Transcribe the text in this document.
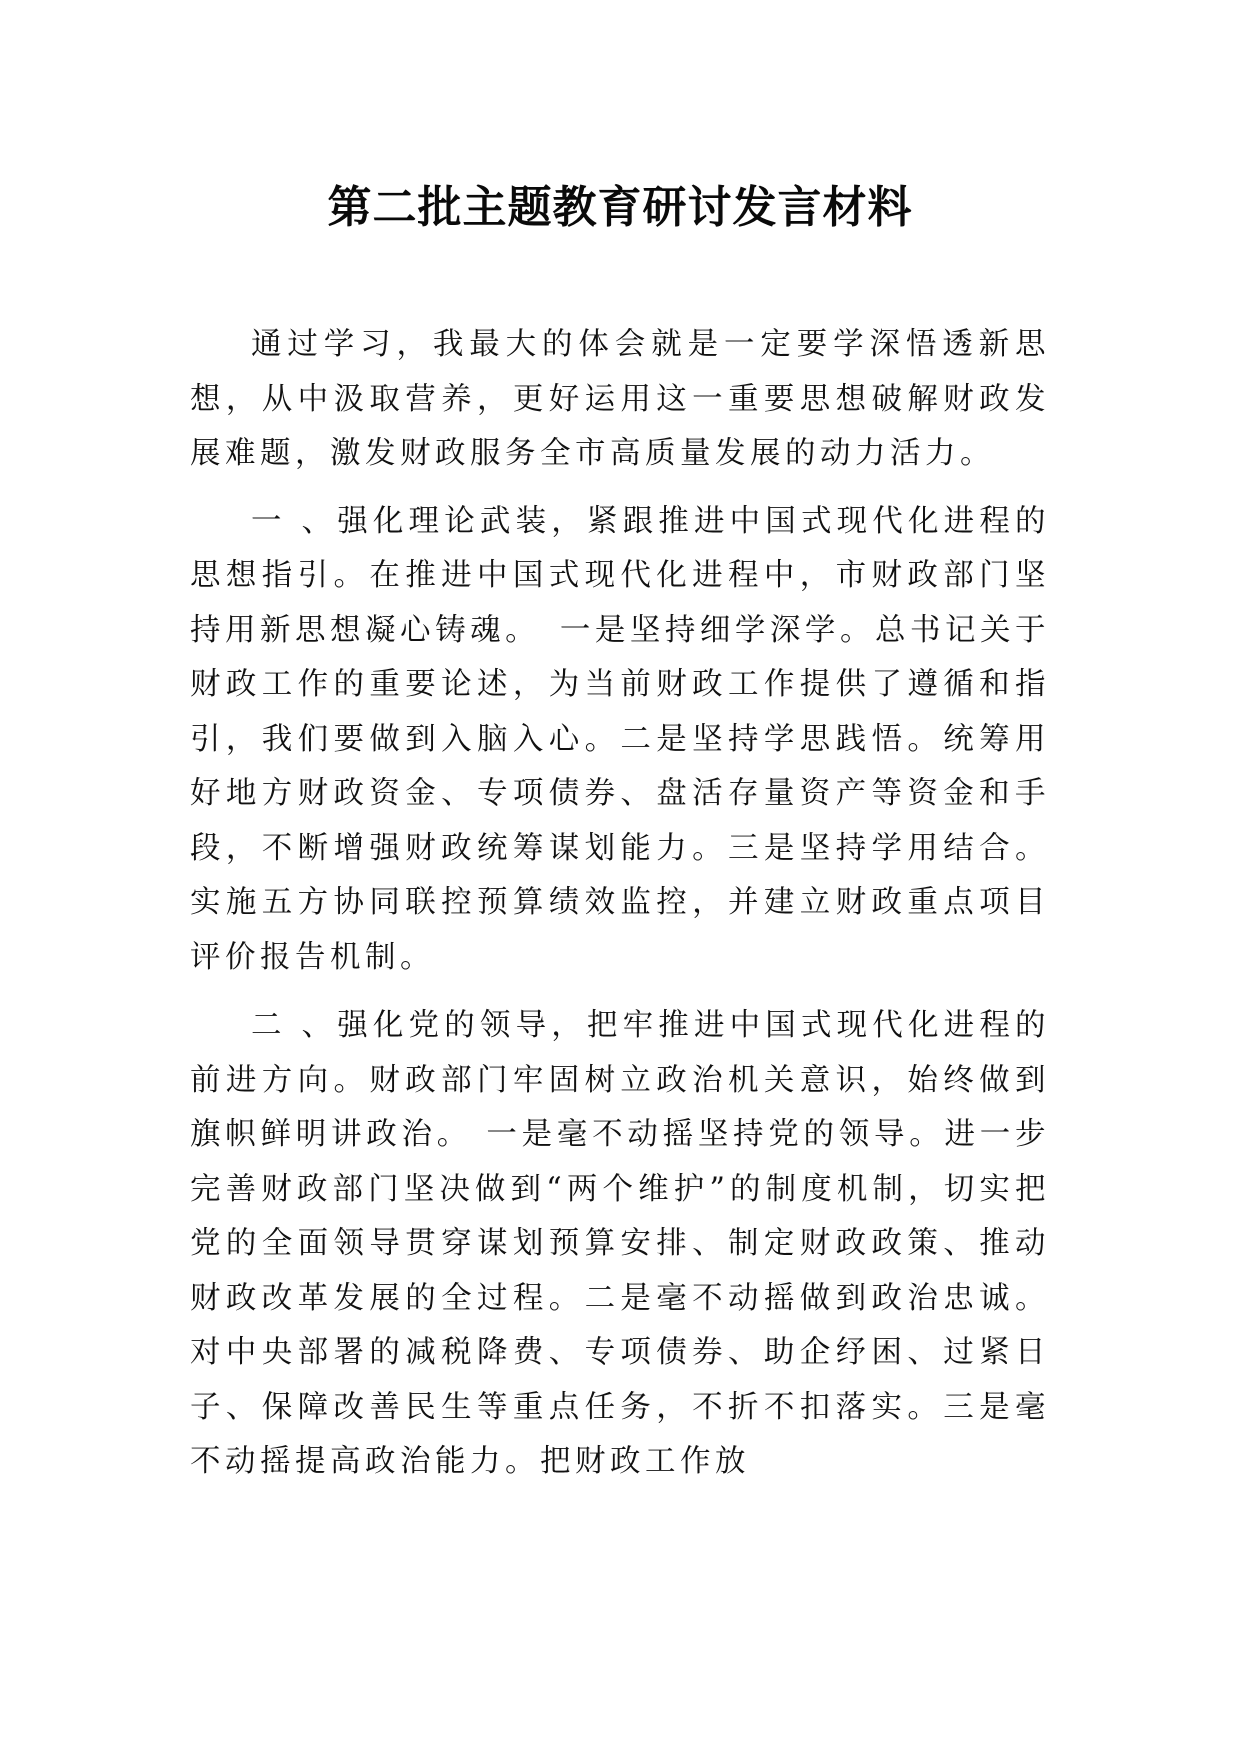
第二批主题教育研讨发言材料

通过学习，我最大的体会就是一定要学深悟透新思想，从中汲取营养，更好运用这一重要思想破解财政发展难题，激发财政服务全市高质量发展的动力活力。

一 、强化理论武装，紧跟推进中国式现代化进程的思想指引。在推进中国式现代化进程中，市财政部门坚持用新思想凝心铸魂。　一是坚持细学深学。总书记关于财政工作的重要论述，为当前财政工作提供了遵循和指引，我们要做到入脑入心。二是坚持学思践悟。统筹用好地方财政资金、专项债券、盘活存量资产等资金和手段，不断增强财政统筹谋划能力。三是坚持学用结合。实施五方协同联控预算绩效监控，并建立财政重点项目评价报告机制。

二 、强化党的领导，把牢推进中国式现代化进程的前进方向。财政部门牢固树立政治机关意识，始终做到旗帜鲜明讲政治。 一是毫不动摇坚持党的领导。进一步完善财政部门坚决做到“两个维护”的制度机制，切实把党的全面领导贯穿谋划预算安排、制定财政政策、推动财政改革发展的全过程。二是毫不动摇做到政治忠诚。对中央部署的减税降费、专项债券、助企纾困、过紧日子、保障改善民生等重点任务，不折不扣落实。三是毫不动摇提高政治能力。把财政工作放
